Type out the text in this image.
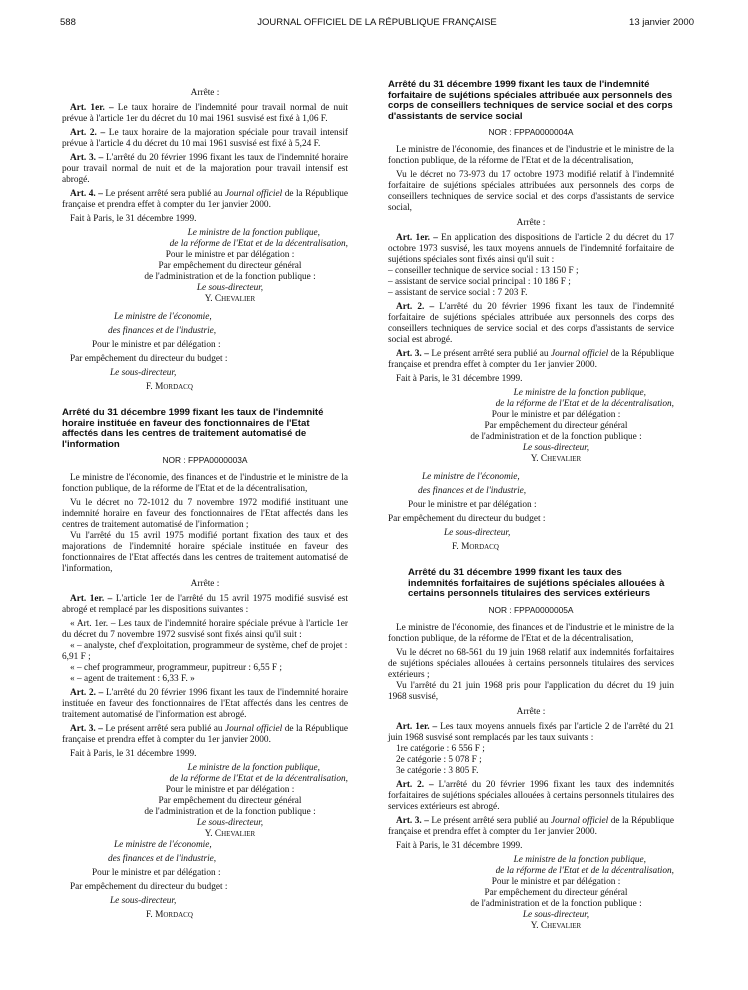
588	JOURNAL OFFICIEL DE LA RÉPUBLIQUE FRANÇAISE	13 janvier 2000

Arrête :

Art. 1er. – Le taux horaire de l'indemnité pour travail normal de nuit prévue à l'article 1er du décret du 10 mai 1961 susvisé est fixé à 1,06 F.

Art. 2. – Le taux horaire de la majoration spéciale pour travail intensif prévue à l'article 4 du décret du 10 mai 1961 susvisé est fixé à 5,24 F.

Art. 3. – L'arrêté du 20 février 1996 fixant les taux de l'indemnité horaire pour travail normal de nuit et de la majoration pour travail intensif est abrogé.

Art. 4. – Le présent arrêté sera publié au Journal officiel de la République française et prendra effet à compter du 1er janvier 2000.

Fait à Paris, le 31 décembre 1999.

Le ministre de la fonction publique,

de la réforme de l'Etat et de la décentralisation,

Pour le ministre et par délégation :

Par empêchement du directeur général

de l'administration et de la fonction publique :

Le sous-directeur,

Y. Chevalier

Le ministre de l'économie,

des finances et de l'industrie,

Pour le ministre et par délégation :

Par empêchement du directeur du budget :

Le sous-directeur,

F. Mordacq

Arrêté du 31 décembre 1999 fixant les taux de l'indemnité horaire instituée en faveur des fonctionnaires de l'Etat affectés dans les centres de traitement automatisé de l'information

NOR : FPPA0000003A

Le ministre de l'économie, des finances et de l'industrie et le ministre de la fonction publique, de la réforme de l'Etat et de la décentralisation,

Vu le décret no 72-1012 du 7 novembre 1972 modifié instituant une indemnité horaire en faveur des fonctionnaires de l'Etat affectés dans les centres de traitement automatisé de l'information ;

Vu l'arrêté du 15 avril 1975 modifié portant fixation des taux et des majorations de l'indemnité horaire spéciale instituée en faveur des fonctionnaires de l'Etat affectés dans les centres de traitement automatisé de l'information,

Arrête :

Art. 1er. – L'article 1er de l'arrêté du 15 avril 1975 modifié susvisé est abrogé et remplacé par les dispositions suivantes :

« Art. 1er. – Les taux de l'indemnité horaire spéciale prévue à l'article 1er du décret du 7 novembre 1972 susvisé sont fixés ainsi qu'il suit :

« – analyste, chef d'exploitation, programmeur de système, chef de projet : 6,91 F ;
« – chef programmeur, programmeur, pupitreur : 6,55 F ;
« – agent de traitement : 6,33 F. »

Art. 2. – L'arrêté du 20 février 1996 fixant les taux de l'indemnité horaire instituée en faveur des fonctionnaires de l'Etat affectés dans les centres de traitement automatisé de l'information est abrogé.

Art. 3. – Le présent arrêté sera publié au Journal officiel de la République française et prendra effet à compter du 1er janvier 2000.

Fait à Paris, le 31 décembre 1999.

Le ministre de la fonction publique,

de la réforme de l'Etat et de la décentralisation,

Pour le ministre et par délégation :

Par empêchement du directeur général

de l'administration et de la fonction publique :

Le sous-directeur,

Y. Chevalier

Le ministre de l'économie,

des finances et de l'industrie,

Pour le ministre et par délégation :

Par empêchement du directeur du budget :

Le sous-directeur,

F. Mordacq

Arrêté du 31 décembre 1999 fixant les taux de l'indemnité forfaitaire de sujétions spéciales attribuée aux personnels des corps de conseillers techniques de service social et des corps d'assistants de service social

NOR : FPPA0000004A

Le ministre de l'économie, des finances et de l'industrie et le ministre de la fonction publique, de la réforme de l'Etat et de la décentralisation,

Vu le décret no 73-973 du 17 octobre 1973 modifié relatif à l'indemnité forfaitaire de sujétions spéciales attribuées aux personnels des corps de conseillers techniques de service social et des corps d'assistants de service social,

Arrête :

Art. 1er. – En application des dispositions de l'article 2 du décret du 17 octobre 1973 susvisé, les taux moyens annuels de l'indemnité forfaitaire de sujétions spéciales sont fixés ainsi qu'il suit :

– conseiller technique de service social : 13 150 F ;
– assistant de service social principal : 10 186 F ;
– assistant de service social : 7 203 F.

Art. 2. – L'arrêté du 20 février 1996 fixant les taux de l'indemnité forfaitaire de sujétions spéciales attribuée aux personnels des corps des conseillers techniques de service social et des corps d'assistants de service social est abrogé.

Art. 3. – Le présent arrêté sera publié au Journal officiel de la République française et prendra effet à compter du 1er janvier 2000.

Fait à Paris, le 31 décembre 1999.

Le ministre de la fonction publique,

de la réforme de l'Etat et de la décentralisation,

Pour le ministre et par délégation :

Par empêchement du directeur général

de l'administration et de la fonction publique :

Le sous-directeur,

Y. Chevalier

Le ministre de l'économie,

des finances et de l'industrie,

Pour le ministre et par délégation :

Par empêchement du directeur du budget :

Le sous-directeur,

F. Mordacq

Arrêté du 31 décembre 1999 fixant les taux des indemnités forfaitaires de sujétions spéciales allouées à certains personnels titulaires des services extérieurs

NOR : FPPA0000005A

Le ministre de l'économie, des finances et de l'industrie et le ministre de la fonction publique, de la réforme de l'Etat et de la décentralisation,

Vu le décret no 68-561 du 19 juin 1968 relatif aux indemnités forfaitaires de sujétions spéciales allouées à certains personnels titulaires des services extérieurs ;

Vu l'arrêté du 21 juin 1968 pris pour l'application du décret du 19 juin 1968 susvisé,

Arrête :

Art. 1er. – Les taux moyens annuels fixés par l'article 2 de l'arrêté du 21 juin 1968 susvisé sont remplacés par les taux suivants :

1re catégorie : 6 556 F ;
2e catégorie : 5 078 F ;
3e catégorie : 3 805 F.

Art. 2. – L'arrêté du 20 février 1996 fixant les taux des indemnités forfaitaires de sujétions spéciales allouées à certains personnels titulaires des services extérieurs est abrogé.

Art. 3. – Le présent arrêté sera publié au Journal officiel de la République française et prendra effet à compter du 1er janvier 2000.

Fait à Paris, le 31 décembre 1999.

Le ministre de la fonction publique,

de la réforme de l'Etat et de la décentralisation,

Pour le ministre et par délégation :

Par empêchement du directeur général

de l'administration et de la fonction publique :

Le sous-directeur,

Y. Chevalier
